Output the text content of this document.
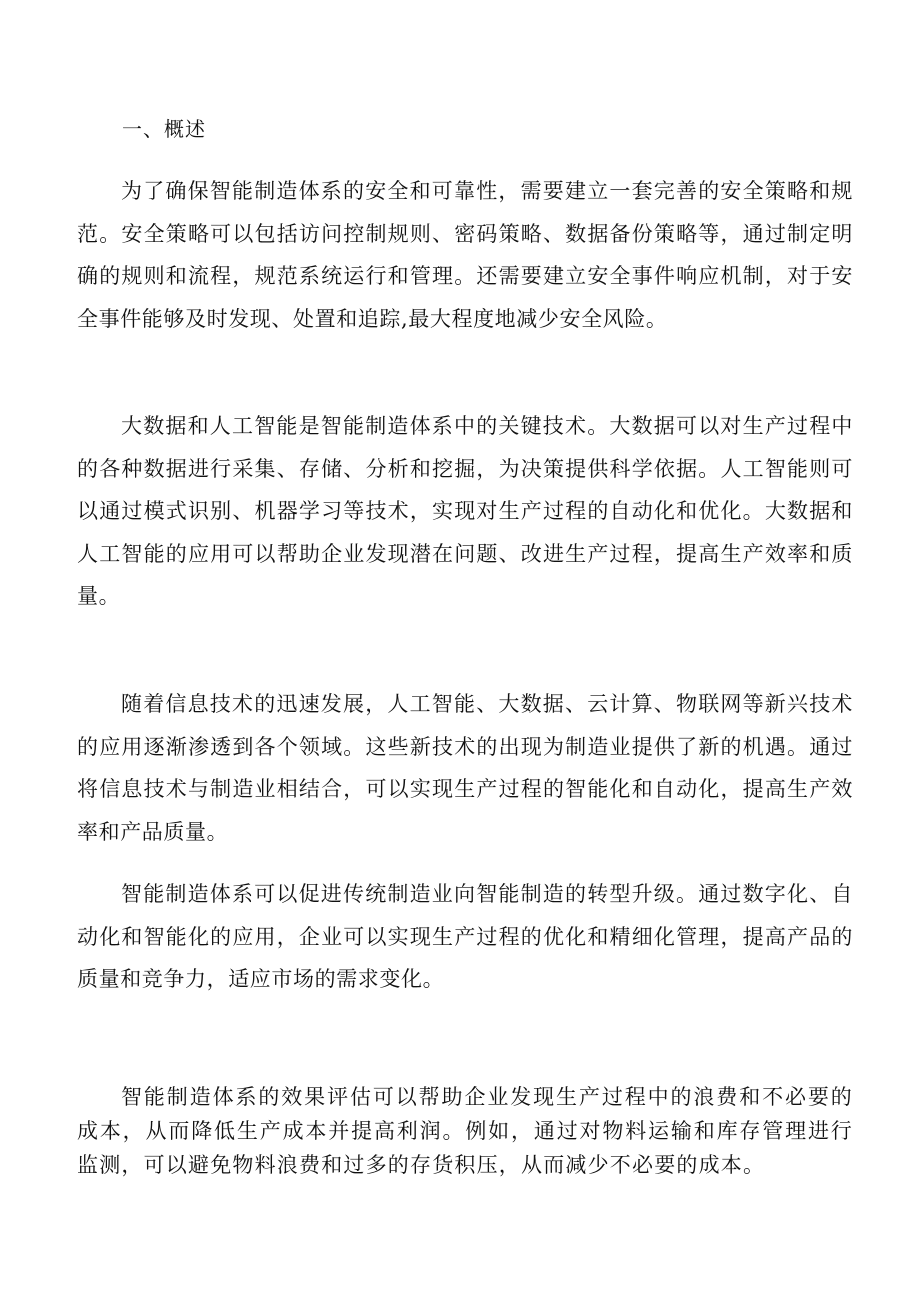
一、概述

为了确保智能制造体系的安全和可靠性，需要建立一套完善的安全策略和规范。安全策略可以包括访问控制规则、密码策略、数据备份策略等，通过制定明确的规则和流程，规范系统运行和管理。还需要建立安全事件响应机制，对于安全事件能够及时发现、处置和追踪,最大程度地减少安全风险。

大数据和人工智能是智能制造体系中的关键技术。大数据可以对生产过程中的各种数据进行采集、存储、分析和挖掘，为决策提供科学依据。人工智能则可以通过模式识别、机器学习等技术，实现对生产过程的自动化和优化。大数据和人工智能的应用可以帮助企业发现潜在问题、改进生产过程，提高生产效率和质量。

随着信息技术的迅速发展，人工智能、大数据、云计算、物联网等新兴技术的应用逐渐渗透到各个领域。这些新技术的出现为制造业提供了新的机遇。通过将信息技术与制造业相结合，可以实现生产过程的智能化和自动化，提高生产效率和产品质量。

智能制造体系可以促进传统制造业向智能制造的转型升级。通过数字化、自动化和智能化的应用，企业可以实现生产过程的优化和精细化管理，提高产品的质量和竞争力，适应市场的需求变化。

智能制造体系的效果评估可以帮助企业发现生产过程中的浪费和不必要的成本，从而降低生产成本并提高利润。例如，通过对物料运输和库存管理进行监测，可以避免物料浪费和过多的存货积压，从而减少不必要的成本。
